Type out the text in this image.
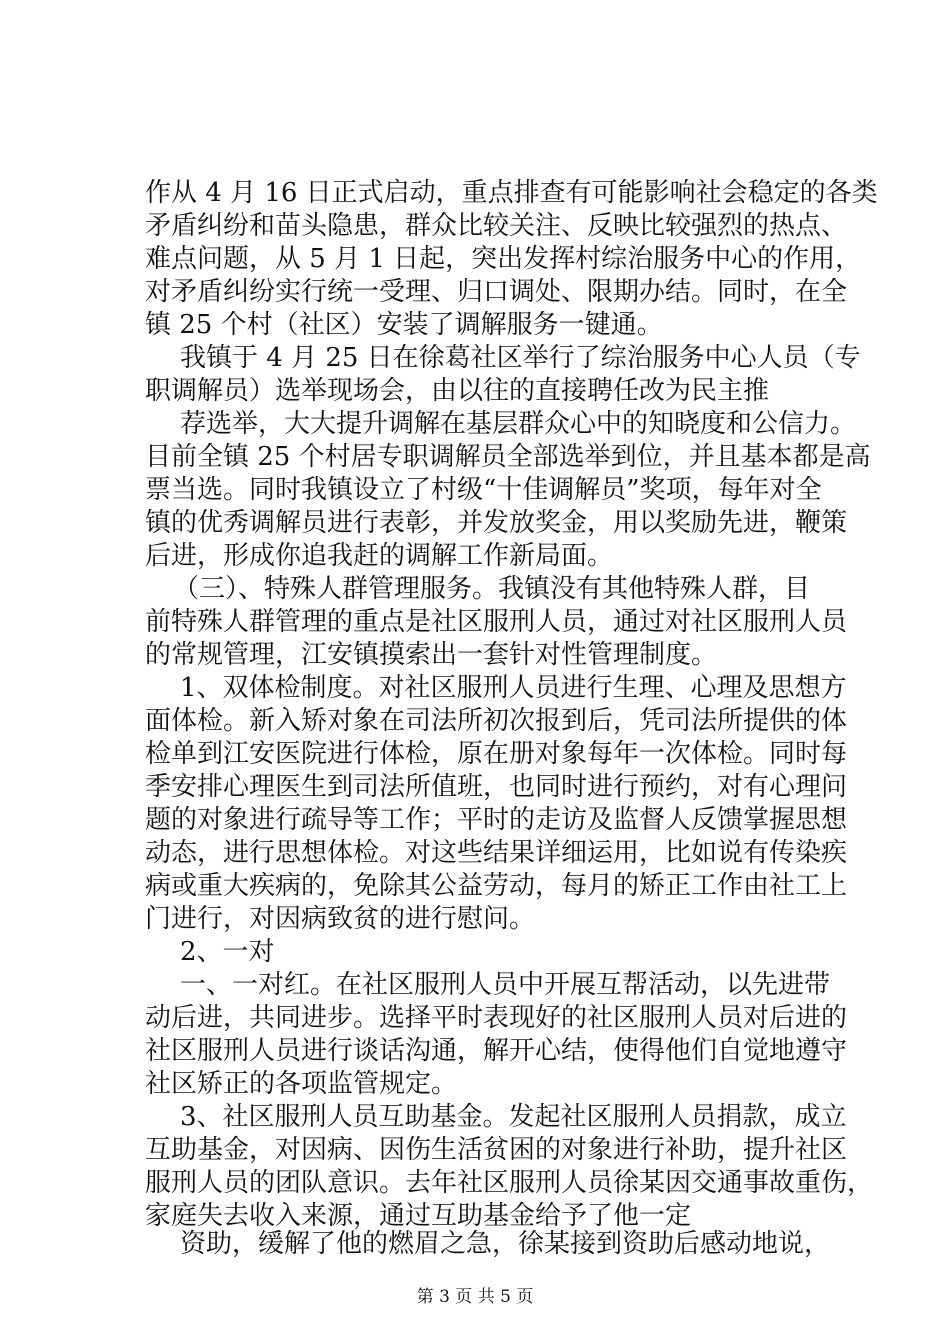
作从 4 月 16 日正式启动，重点排查有可能影响社会稳定的各类
矛盾纠纷和苗头隐患，群众比较关注、反映比较强烈的热点、
难点问题，从 5 月 1 日起，突出发挥村综治服务中心的作用，
对矛盾纠纷实行统一受理、归口调处、限期办结。同时，在全
镇 25 个村（社区）安装了调解服务一键通。
我镇于 4 月 25 日在徐葛社区举行了综治服务中心人员（专
职调解员）选举现场会，由以往的直接聘任改为民主推
荐选举，大大提升调解在基层群众心中的知晓度和公信力。
目前全镇 25 个村居专职调解员全部选举到位，并且基本都是高
票当选。同时我镇设立了村级“十佳调解员”奖项，每年对全
镇的优秀调解员进行表彰，并发放奖金，用以奖励先进，鞭策
后进，形成你追我赶的调解工作新局面。
（三）、特殊人群管理服务。我镇没有其他特殊人群，目
前特殊人群管理的重点是社区服刑人员，通过对社区服刑人员
的常规管理，江安镇摸索出一套针对性管理制度。
1、双体检制度。对社区服刑人员进行生理、心理及思想方
面体检。新入矫对象在司法所初次报到后，凭司法所提供的体
检单到江安医院进行体检，原在册对象每年一次体检。同时每
季安排心理医生到司法所值班，也同时进行预约，对有心理问
题的对象进行疏导等工作；平时的走访及监督人反馈掌握思想
动态，进行思想体检。对这些结果详细运用，比如说有传染疾
病或重大疾病的，免除其公益劳动，每月的矫正工作由社工上
门进行，对因病致贫的进行慰问。
2、一对
一、一对红。在社区服刑人员中开展互帮活动，以先进带
动后进，共同进步。选择平时表现好的社区服刑人员对后进的
社区服刑人员进行谈话沟通，解开心结，使得他们自觉地遵守
社区矫正的各项监管规定。
3、社区服刑人员互助基金。发起社区服刑人员捐款，成立
互助基金，对因病、因伤生活贫困的对象进行补助，提升社区
服刑人员的团队意识。去年社区服刑人员徐某因交通事故重伤，
家庭失去收入来源，通过互助基金给予了他一定
资助，缓解了他的燃眉之急，徐某接到资助后感动地说，
第 3 页 共 5 页
